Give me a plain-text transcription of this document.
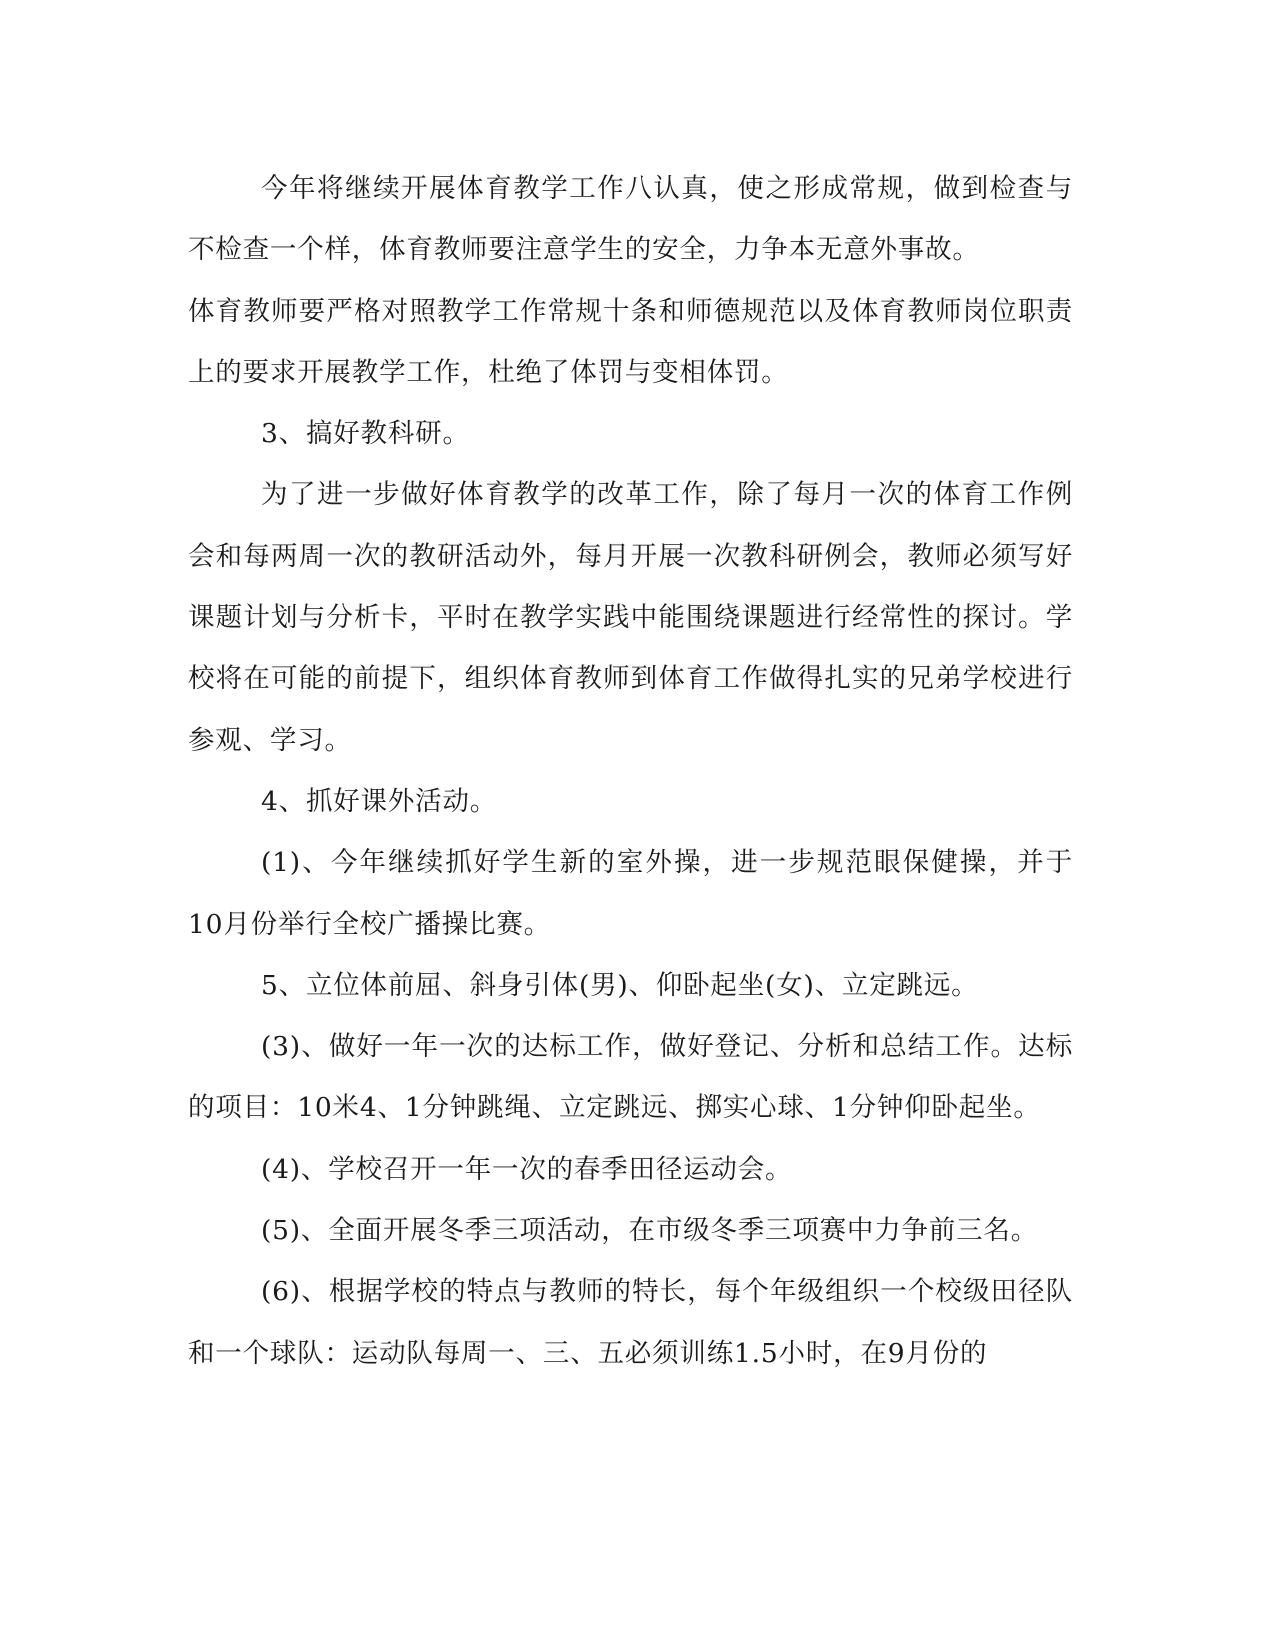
今年将继续开展体育教学工作八认真，使之形成常规，做到检查与不检查一个样，体育教师要注意学生的安全，力争本无意外事故。

体育教师要严格对照教学工作常规十条和师德规范以及体育教师岗位职责上的要求开展教学工作，杜绝了体罚与变相体罚。

3、搞好教科研。

为了进一步做好体育教学的改革工作，除了每月一次的体育工作例会和每两周一次的教研活动外，每月开展一次教科研例会，教师必须写好课题计划与分析卡，平时在教学实践中能围绕课题进行经常性的探讨。学校将在可能的前提下，组织体育教师到体育工作做得扎实的兄弟学校进行参观、学习。

4、抓好课外活动。

(1)、今年继续抓好学生新的室外操，进一步规范眼保健操，并于10月份举行全校广播操比赛。

5、立位体前屈、斜身引体(男)、仰卧起坐(女)、立定跳远。

(3)、做好一年一次的达标工作，做好登记、分析和总结工作。达标的项目：10米4、1分钟跳绳、立定跳远、掷实心球、1分钟仰卧起坐。

(4)、学校召开一年一次的春季田径运动会。

(5)、全面开展冬季三项活动，在市级冬季三项赛中力争前三名。

(6)、根据学校的特点与教师的特长，每个年级组织一个校级田径队和一个球队：运动队每周一、三、五必须训练1.5小时，在9月份的
